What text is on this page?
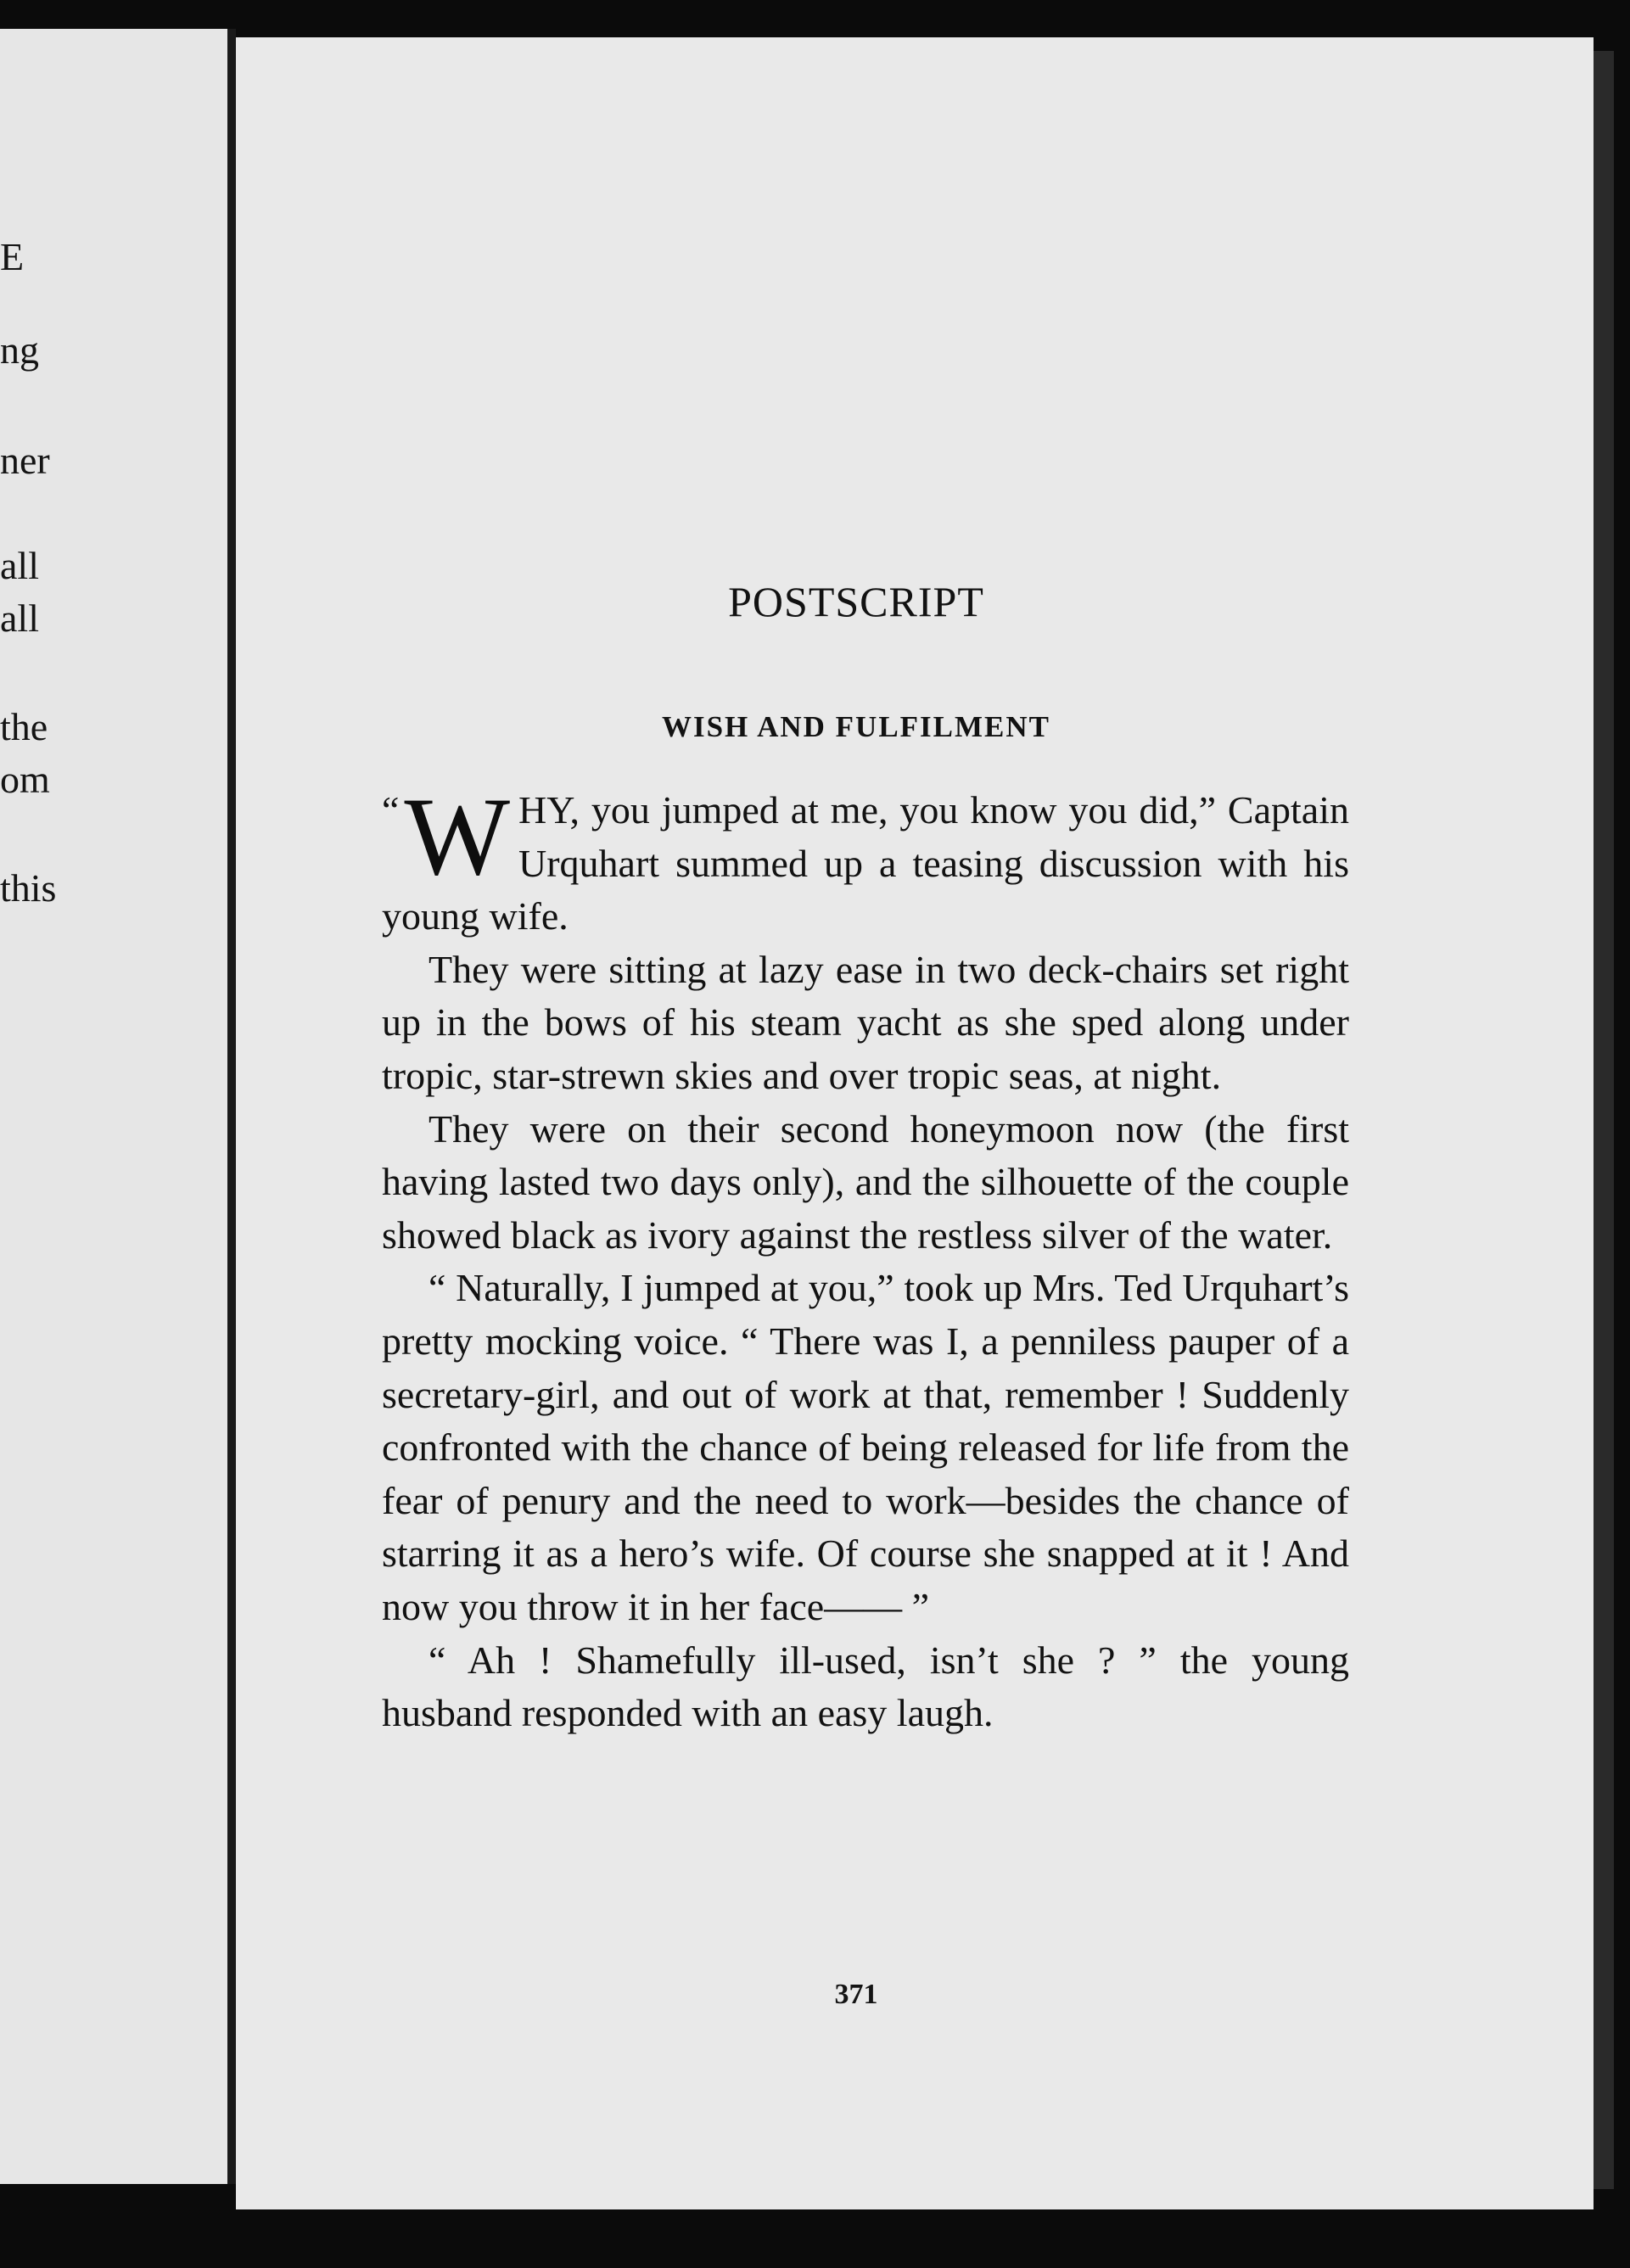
E
ng
ner
all
all
the
om
this
POSTSCRIPT
WISH AND FULFILMENT

“ W HY, you jumped at me, you know you did,” Captain Urquhart summed up a teasing discussion with his young wife.

They were sitting at lazy ease in two deck-chairs set right up in the bows of his steam yacht as she sped along under tropic, star-strewn skies and over tropic seas, at night.

They were on their second honeymoon now (the first having lasted two days only), and the silhouette of the couple showed black as ivory against the restless silver of the water.

“ Naturally, I jumped at you,” took up Mrs. Ted Urquhart’s pretty mocking voice. “ There was I, a penniless pauper of a secretary-girl, and out of work at that, remember ! Suddenly confronted with the chance of being released for life from the fear of penury and the need to work—besides the chance of starring it as a hero’s wife. Of course she snapped at it ! And now you throw it in her face—— ”

“ Ah ! Shamefully ill-used, isn’t she ? ” the young husband responded with an easy laugh.

371
